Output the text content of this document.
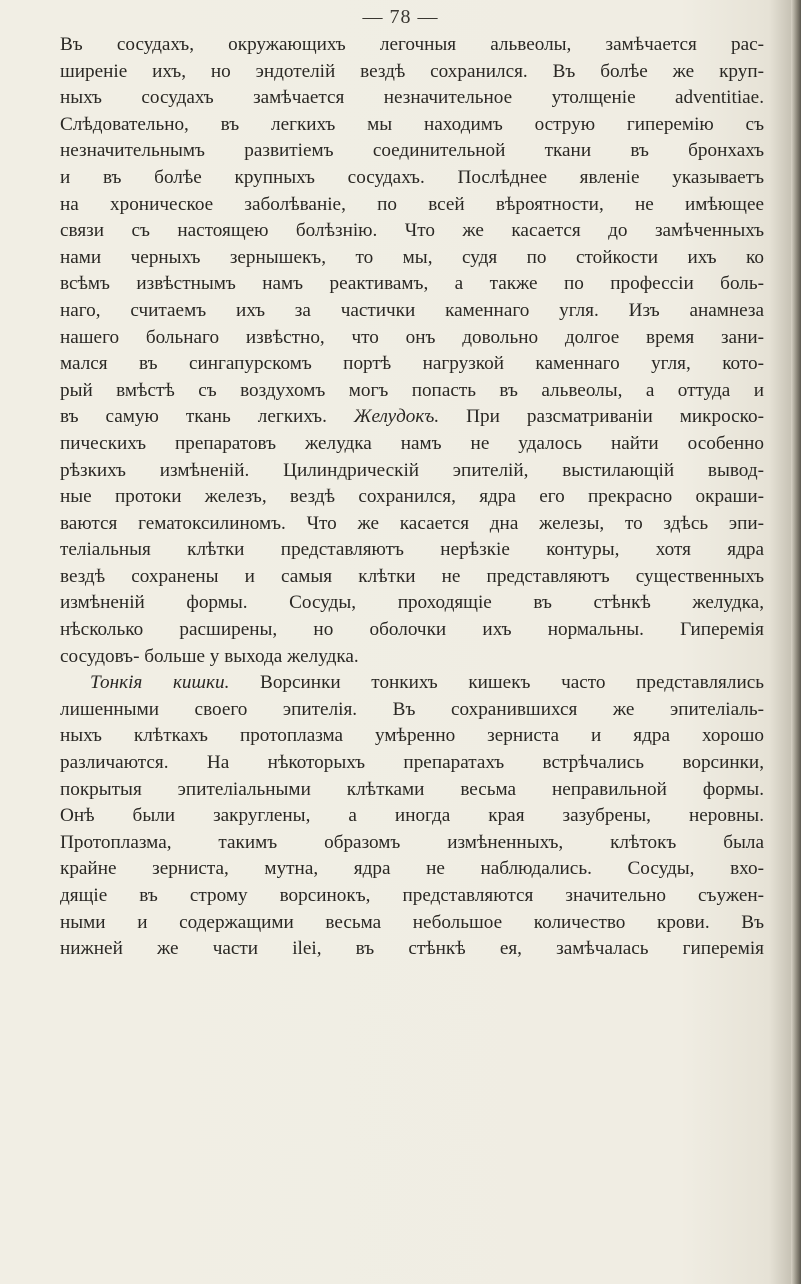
— 78 —
Въ сосудахъ, окружающихъ легочныя альвеолы, замѣчается рас-
ширеніе ихъ, но эндотелій вездѣ сохранился. Въ болѣе же круп-
ныхъ сосудахъ замѣчается незначительное утолщеніе adventitiae.
Слѣдовательно, въ легкихъ мы находимъ острую гиперемію съ
незначительнымъ развитіемъ соединительной ткани въ бронхахъ
и въ болѣе крупныхъ сосудахъ. Послѣднее явленіе указываетъ
на хроническое заболѣваніе, по всей вѣроятности, не имѣющее
связи съ настоящею болѣзнію. Что же касается до замѣченныхъ
нами черныхъ зернышекъ, то мы, судя по стойкости ихъ ко
всѣмъ извѣстнымъ намъ реактивамъ, а также по профессіи боль-
наго, считаемъ ихъ за частички каменнаго угля. Изъ анамнеза
нашего больнаго извѣстно, что онъ довольно долгое время зани-
мался въ сингапурскомъ портѣ нагрузкой каменнаго угля, кото-
рый вмѣстѣ съ воздухомъ могъ попасть въ альвеолы, а оттуда и
въ самую ткань легкихъ. Желудокъ. При разсматриваніи микроско-
пическихъ препаратовъ желудка намъ не удалось найти особенно
рѣзкихъ измѣненій. Цилиндрическій эпителій, выстилающій вывод-
ные протоки железъ, вездѣ сохранился, ядра его прекрасно окраши-
ваются гематоксилиномъ. Что же касается дна железы, то здѣсь эпи-
теліальныя клѣтки представляютъ нерѣзкіе контуры, хотя ядра
вездѣ сохранены и самыя клѣтки не представляютъ существенныхъ
измѣненій формы. Сосуды, проходящіе въ стѣнкѣ желудка,
нѣсколько расширены, но оболочки ихъ нормальны. Гиперемія
сосудовъ- больше у выхода желудка.
Тонкія кишки. Ворсинки тонкихъ кишекъ часто представлялись
лишенными своего эпителія. Въ сохранившихся же эпителіаль-
ныхъ клѣткахъ протоплазма умѣренно зерниста и ядра хорошо
различаются. На нѣкоторыхъ препаратахъ встрѣчались ворсинки,
покрытыя эпителіальными клѣтками весьма неправильной формы.
Онѣ были закруглены, а иногда края зазубрены, неровны.
Протоплазма, такимъ образомъ измѣненныхъ, клѣтокъ была
крайне зерниста, мутна, ядра не наблюдались. Сосуды, вхо-
дящіе въ строму ворсинокъ, представляются значительно съужен-
ными и содержащими весьма небольшое количество крови. Въ
нижней же части ilei, въ стѣнкѣ ея, замѣчалась гиперемія
